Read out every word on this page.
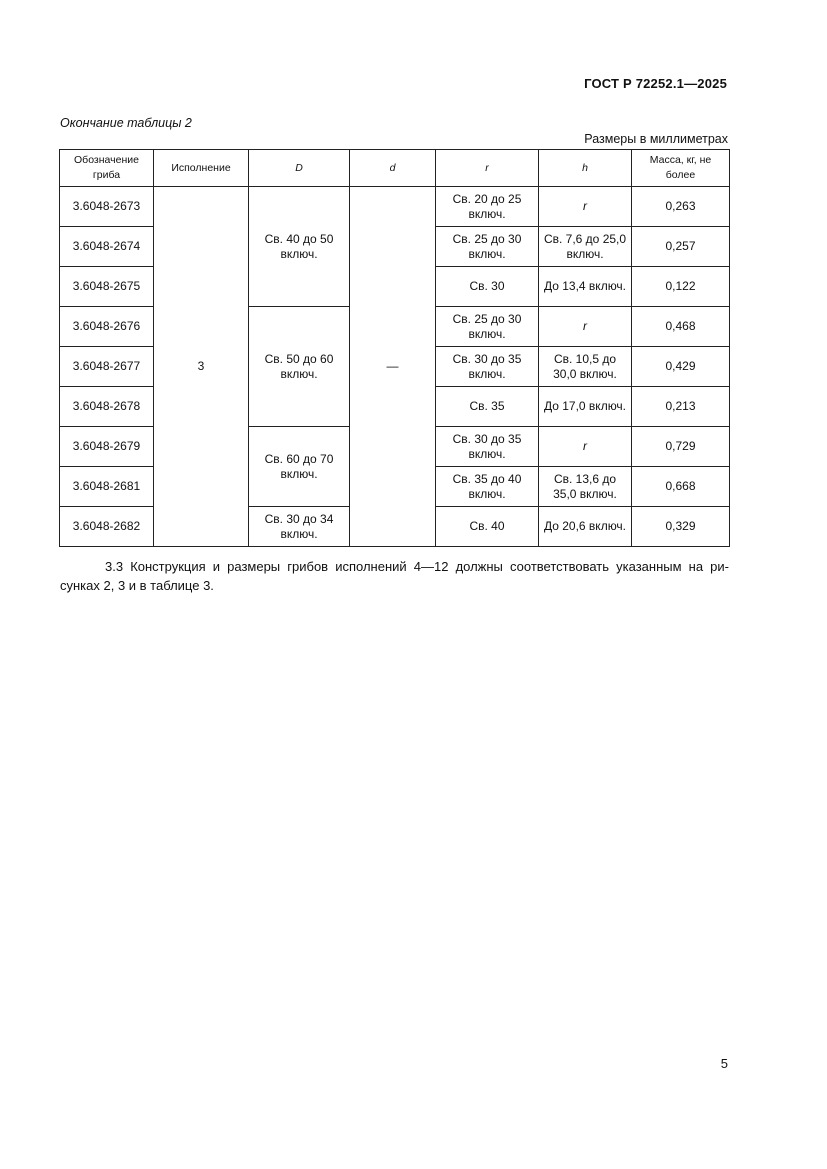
ГОСТ Р 72252.1—2025
Окончание таблицы 2
Размеры в миллиметрах
Обозначение гриба	Исполнение	D	d	r	h	Масса, кг, не более
3.6048-2673	3	Св. 40 до 50 включ.	—	Св. 20 до 25 включ.	r	0,263
3.6048-2674				Св. 25 до 30 включ.	Св. 7,6 до 25,0 включ.	0,257
3.6048-2675				Св. 30	До 13,4 включ.	0,122
3.6048-2676		Св. 50 до 60 включ.		Св. 25 до 30 включ.	r	0,468
3.6048-2677				Св. 30 до 35 включ.	Св. 10,5 до 30,0 включ.	0,429
3.6048-2678				Св. 35	До 17,0 включ.	0,213
3.6048-2679		Св. 60 до 70 включ.		Св. 30 до 35 включ.	r	0,729
3.6048-2681				Св. 35 до 40 включ.	Св. 13,6 до 35,0 включ.	0,668
3.6048-2682		Св. 30 до 34 включ.		Св. 40	До 20,6 включ.	0,329
3.3 Конструкция и размеры грибов исполнений 4—12 должны соответствовать указанным на ри-
сунках 2, 3 и в таблице 3.
5
